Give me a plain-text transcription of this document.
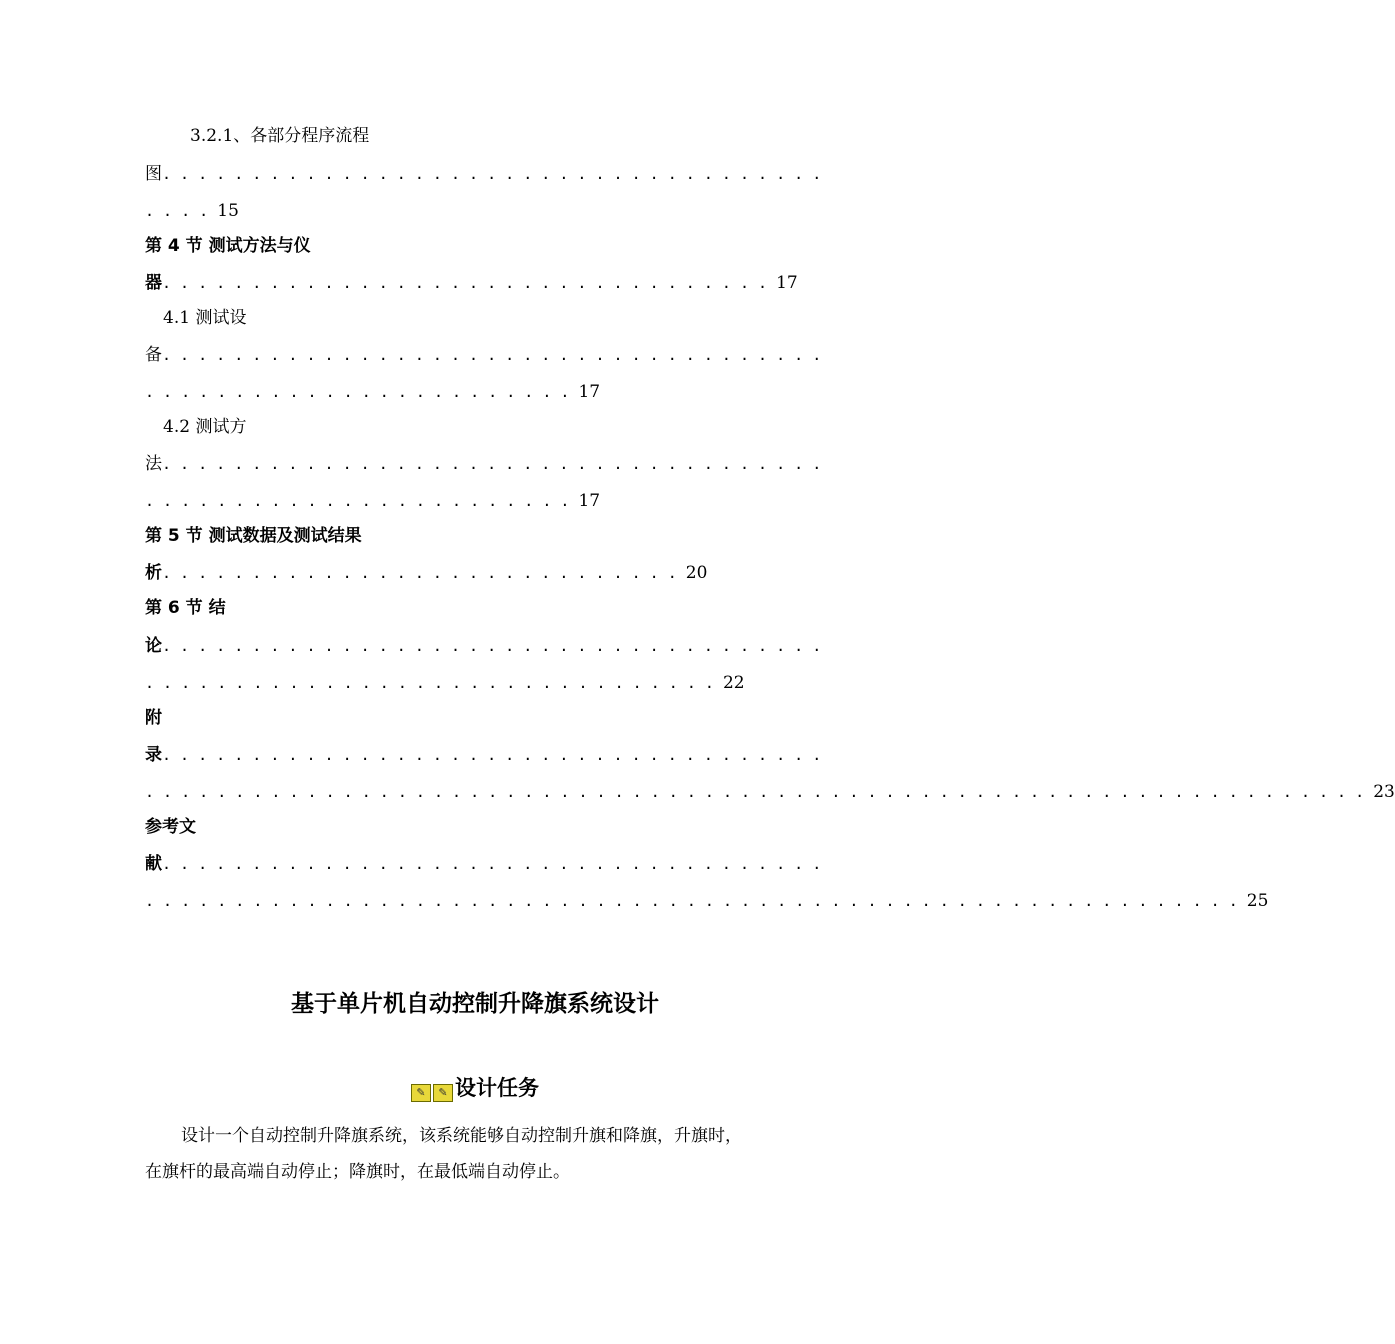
3.2.1、各部分程序流程
图. . . . . . . . . . . . . . . . . . . . . . . . . . . . . . . . . . . . .
. . . . 15
第 4 节 测试方法与仪
器. . . . . . . . . . . . . . . . . . . . . . . . . . . . . . . . . . 17
4.1 测试设
备. . . . . . . . . . . . . . . . . . . . . . . . . . . . . . . . . . . . .
. . . . . . . . . . . . . . . . . . . . . . . . 17
4.2 测试方
法. . . . . . . . . . . . . . . . . . . . . . . . . . . . . . . . . . . . .
. . . . . . . . . . . . . . . . . . . . . . . . 17
第 5 节 测试数据及测试结果
析. . . . . . . . . . . . . . . . . . . . . . . . . . . . . 20
第 6 节 结
论. . . . . . . . . . . . . . . . . . . . . . . . . . . . . . . . . . . . .
. . . . . . . . . . . . . . . . . . . . . . . . . . . . . . . . 22
附
录. . . . . . . . . . . . . . . . . . . . . . . . . . . . . . . . . . . . .
. . . . . . . . . . . . . . . . . . . . . . . . . . . . . . . . . . . . . . . . . . . . . . . . . . . . . . . . . . . . . . . . . . . . 23
参考文
献. . . . . . . . . . . . . . . . . . . . . . . . . . . . . . . . . . . . .
. . . . . . . . . . . . . . . . . . . . . . . . . . . . . . . . . . . . . . . . . . . . . . . . . . . . . . . . . . . . . 25
基于单片机自动控制升降旗系统设计
✎ ✎ 设计任务
设计一个自动控制升降旗系统，该系统能够自动控制升旗和降旗，升旗时，
在旗杆的最高端自动停止；降旗时，在最低端自动停止。
